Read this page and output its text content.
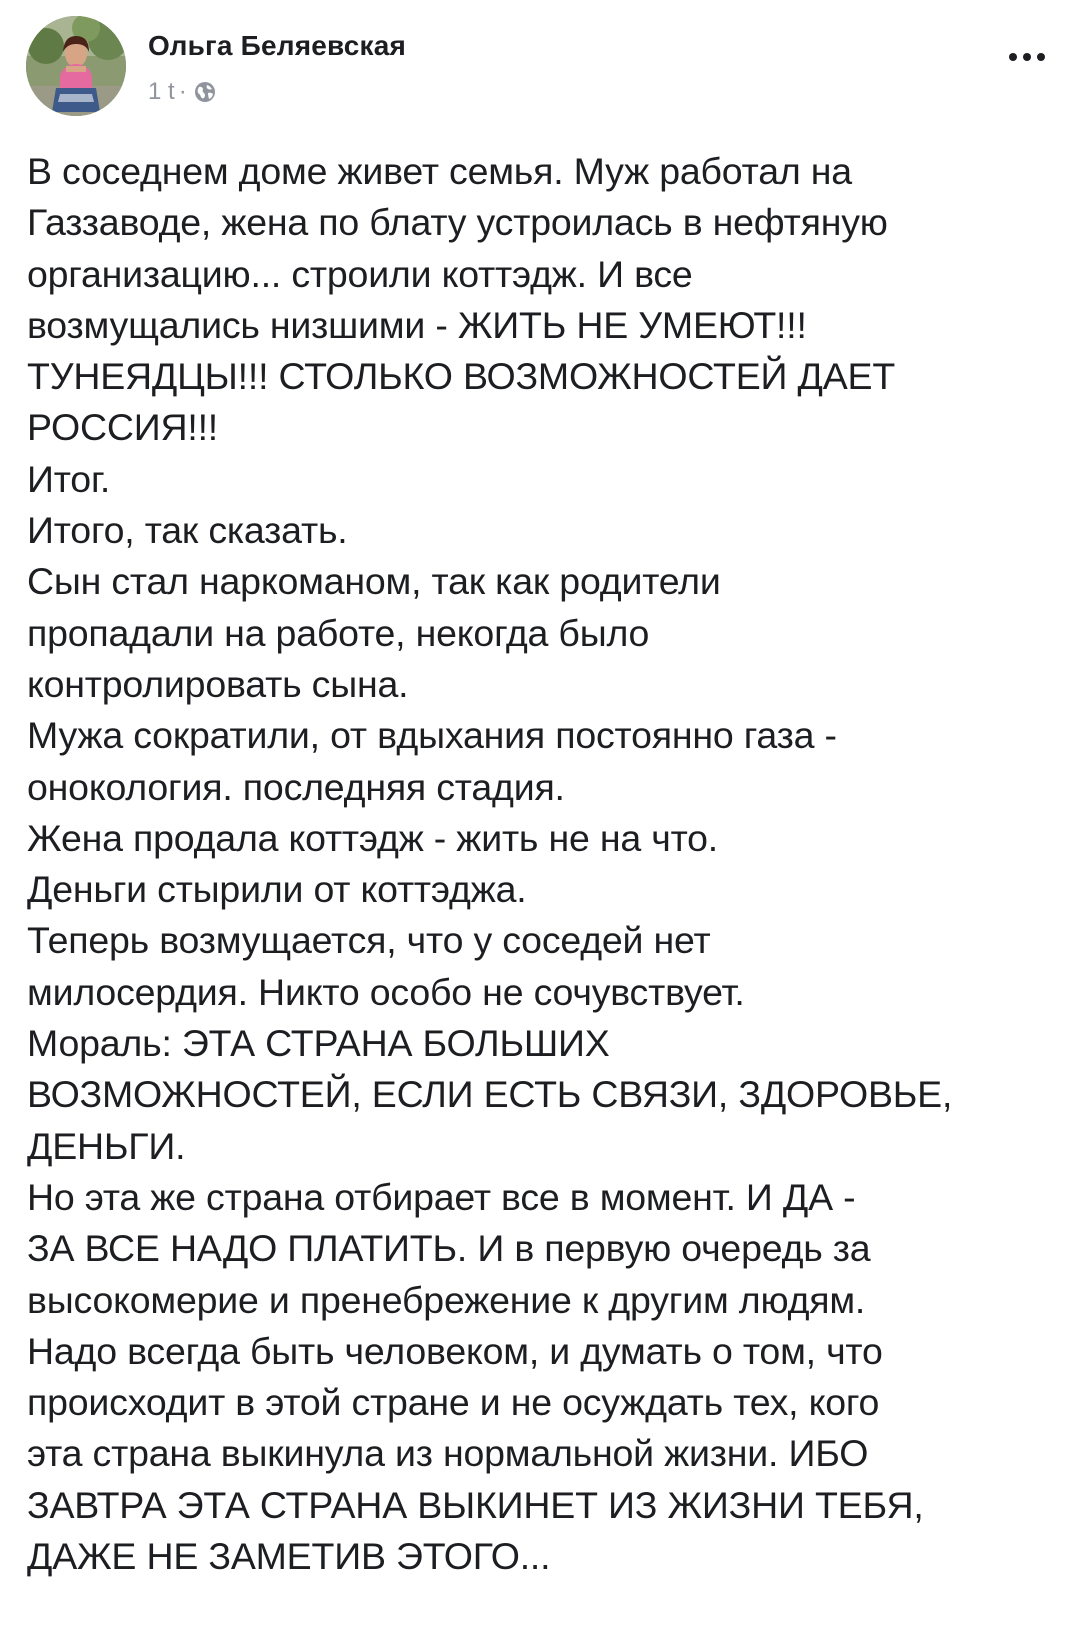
Ольга Беляевская
1 t ·
В соседнем доме живет семья. Муж работал на
Газзаводе, жена по блату устроилась в нефтяную
организацию... строили коттэдж. И все
возмущались низшими - ЖИТЬ НЕ УМЕЮТ!!!
ТУНЕЯДЦЫ!!! СТОЛЬКО ВОЗМОЖНОСТЕЙ ДАЕТ
РОССИЯ!!!
Итог.
Итого, так сказать.
Сын стал наркоманом, так как родители
пропадали на работе, некогда было
контролировать сына.
Мужа сократили, от вдыхания постоянно газа -
онокология. последняя стадия.
Жена продала коттэдж - жить не на что.
Деньги стырили от коттэджа.
Теперь возмущается, что у соседей нет
милосердия. Никто особо не сочувствует.
Мораль: ЭТА СТРАНА БОЛЬШИХ
ВОЗМОЖНОСТЕЙ, ЕСЛИ ЕСТЬ СВЯЗИ, ЗДОРОВЬЕ,
ДЕНЬГИ.
Но эта же страна отбирает все в момент. И ДА -
ЗА ВСЕ НАДО ПЛАТИТЬ. И в первую очередь за
высокомерие и пренебрежение к другим людям.
Надо всегда быть человеком, и думать о том, что
происходит в этой стране и не осуждать тех, кого
эта страна выкинула из нормальной жизни. ИБО
ЗАВТРА ЭТА СТРАНА ВЫКИНЕТ ИЗ ЖИЗНИ ТЕБЯ,
ДАЖЕ НЕ ЗАМЕТИВ ЭТОГО...
